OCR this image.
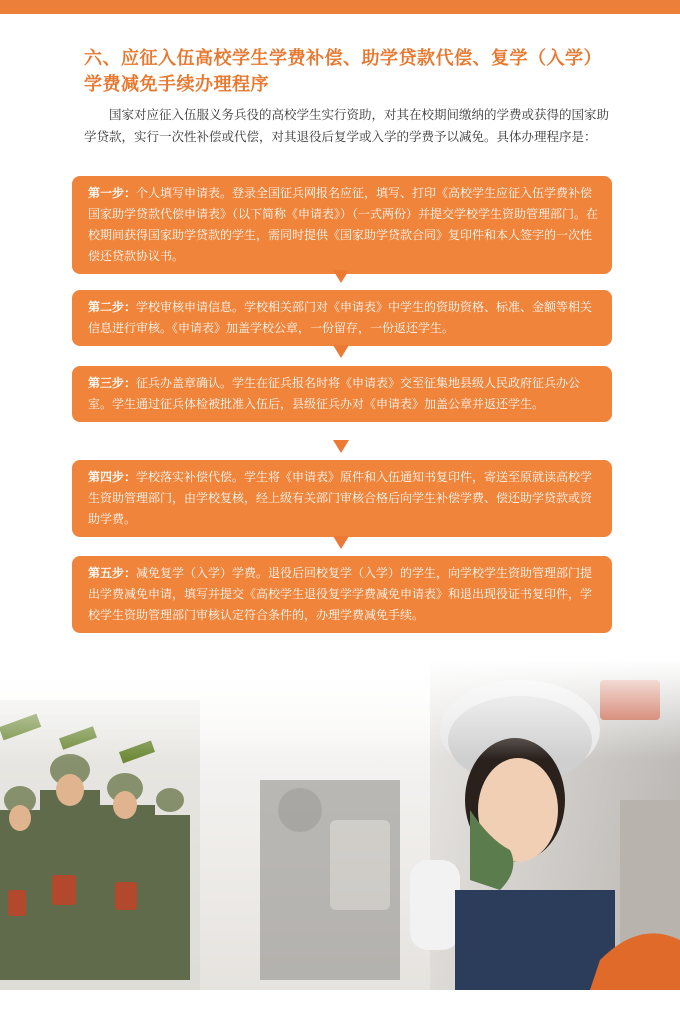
六、应征入伍高校学生学费补偿、助学贷款代偿、复学（入学）学费减免手续办理程序
国家对应征入伍服义务兵役的高校学生实行资助，对其在校期间缴纳的学费或获得的国家助学贷款，实行一次性补偿或代偿，对其退役后复学或入学的学费予以减免。具体办理程序是：
第一步：个人填写申请表。登录全国征兵网报名应征，填写、打印《高校学生应征入伍学费补偿国家助学贷款代偿申请表》（以下简称《申请表》）（一式两份）并提交学校学生资助管理部门。在校期间获得国家助学贷款的学生，需同时提供《国家助学贷款合同》复印件和本人签字的一次性偿还贷款协议书。
第二步：学校审核申请信息。学校相关部门对《申请表》中学生的资助资格、标准、金额等相关信息进行审核。《申请表》加盖学校公章，一份留存，一份返还学生。
第三步：征兵办盖章确认。学生在征兵报名时将《申请表》交至征集地县级人民政府征兵办公室。学生通过征兵体检被批准入伍后，县级征兵办对《申请表》加盖公章并返还学生。
第四步：学校落实补偿代偿。学生将《申请表》原件和入伍通知书复印件，寄送至原就读高校学生资助管理部门，由学校复核，经上级有关部门审核合格后向学生补偿学费、偿还助学贷款或资助学费。
第五步：减免复学（入学）学费。退役后回校复学（入学）的学生，向学校学生资助管理部门提出学费减免申请，填写并提交《高校学生退役复学学费减免申请表》和退出现役证书复印件，学校学生资助管理部门审核认定符合条件的，办理学费减免手续。
